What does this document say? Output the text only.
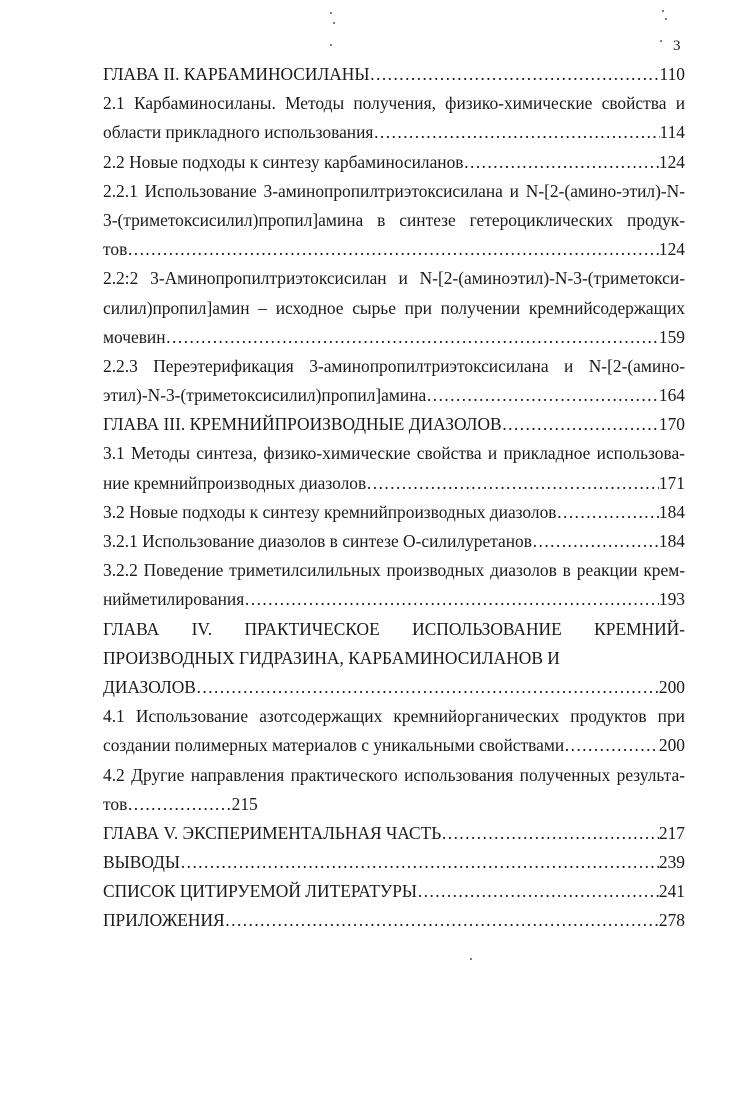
3
ГЛАВА II. КАРБАМИНОСИЛАНЫ ……………………………………………………………………………………………………………………………………………………	110
2.1 Карбаминосиланы. Методы получения, физико-химические свойства и
области прикладного использования ……………………………………………………………………………………………………………………………………………………	114
2.2 Новые подходы к синтезу карбаминосиланов ……………………………………………………………………………………………………………………………………………………	124
2.2.1 Использование 3-аминопропилтриэтоксисилана и N-[2-(амино-этил)-N-
3-(триметоксисилил)пропил]амина в синтезе гетероциклических продук-
тов ……………………………………………………………………………………………………………………………………………………	124
2.2:2 3-Аминопропилтриэтоксисилан и N-[2-(аминоэтил)-N-3-(триметокси-
силил)пропил]амин – исходное сырье при получении кремнийсодержащих
мочевин ……………………………………………………………………………………………………………………………………………………	159
2.2.3 Переэтерификация 3-аминопропилтриэтоксисилана и N-[2-(амино-
этил)-N-3-(триметоксисилил)пропил]амина ……………………………………………………………………………………………………………………………………………………	164
ГЛАВА III. КРЕМНИЙПРОИЗВОДНЫЕ ДИАЗОЛОВ ……………………………………………………………………………………………………………………………………………………	170
3.1 Методы синтеза, физико-химические свойства и прикладное использова-
ние кремнийпроизводных диазолов ……………………………………………………………………………………………………………………………………………………	171
3.2 Новые подходы к синтезу кремнийпроизводных диазолов ……………………………………………………………………………………………………………………………………………………	184
3.2.1 Использование диазолов в синтезе О-силилуретанов ……………………………………………………………………………………………………………………………………………………	184
3.2.2 Поведение триметилсилильных производных диазолов в реакции крем-
нийметилирования ……………………………………………………………………………………………………………………………………………………	193
ГЛАВА IV. ПРАКТИЧЕСКОЕ ИСПОЛЬЗОВАНИЕ КРЕМНИЙ-
ПРОИЗВОДНЫХ ГИДРАЗИНА, КАРБАМИНОСИЛАНОВ И
ДИАЗОЛОВ ……………………………………………………………………………………………………………………………………………………	200
4.1 Использование азотсодержащих кремнийорганических продуктов при
создании полимерных материалов с уникальными свойствами ……………………………………………………………………………………………………………………………………………………	200
4.2 Другие направления практического использования полученных результа-
тов………………215
ГЛАВА V. ЭКСПЕРИМЕНТАЛЬНАЯ ЧАСТЬ ……………………………………………………………………………………………………………………………………………………	217
ВЫВОДЫ ……………………………………………………………………………………………………………………………………………………	239
СПИСОК ЦИТИРУЕМОЙ ЛИТЕРАТУРЫ ……………………………………………………………………………………………………………………………………………………	241
ПРИЛОЖЕНИЯ ……………………………………………………………………………………………………………………………………………………	278
